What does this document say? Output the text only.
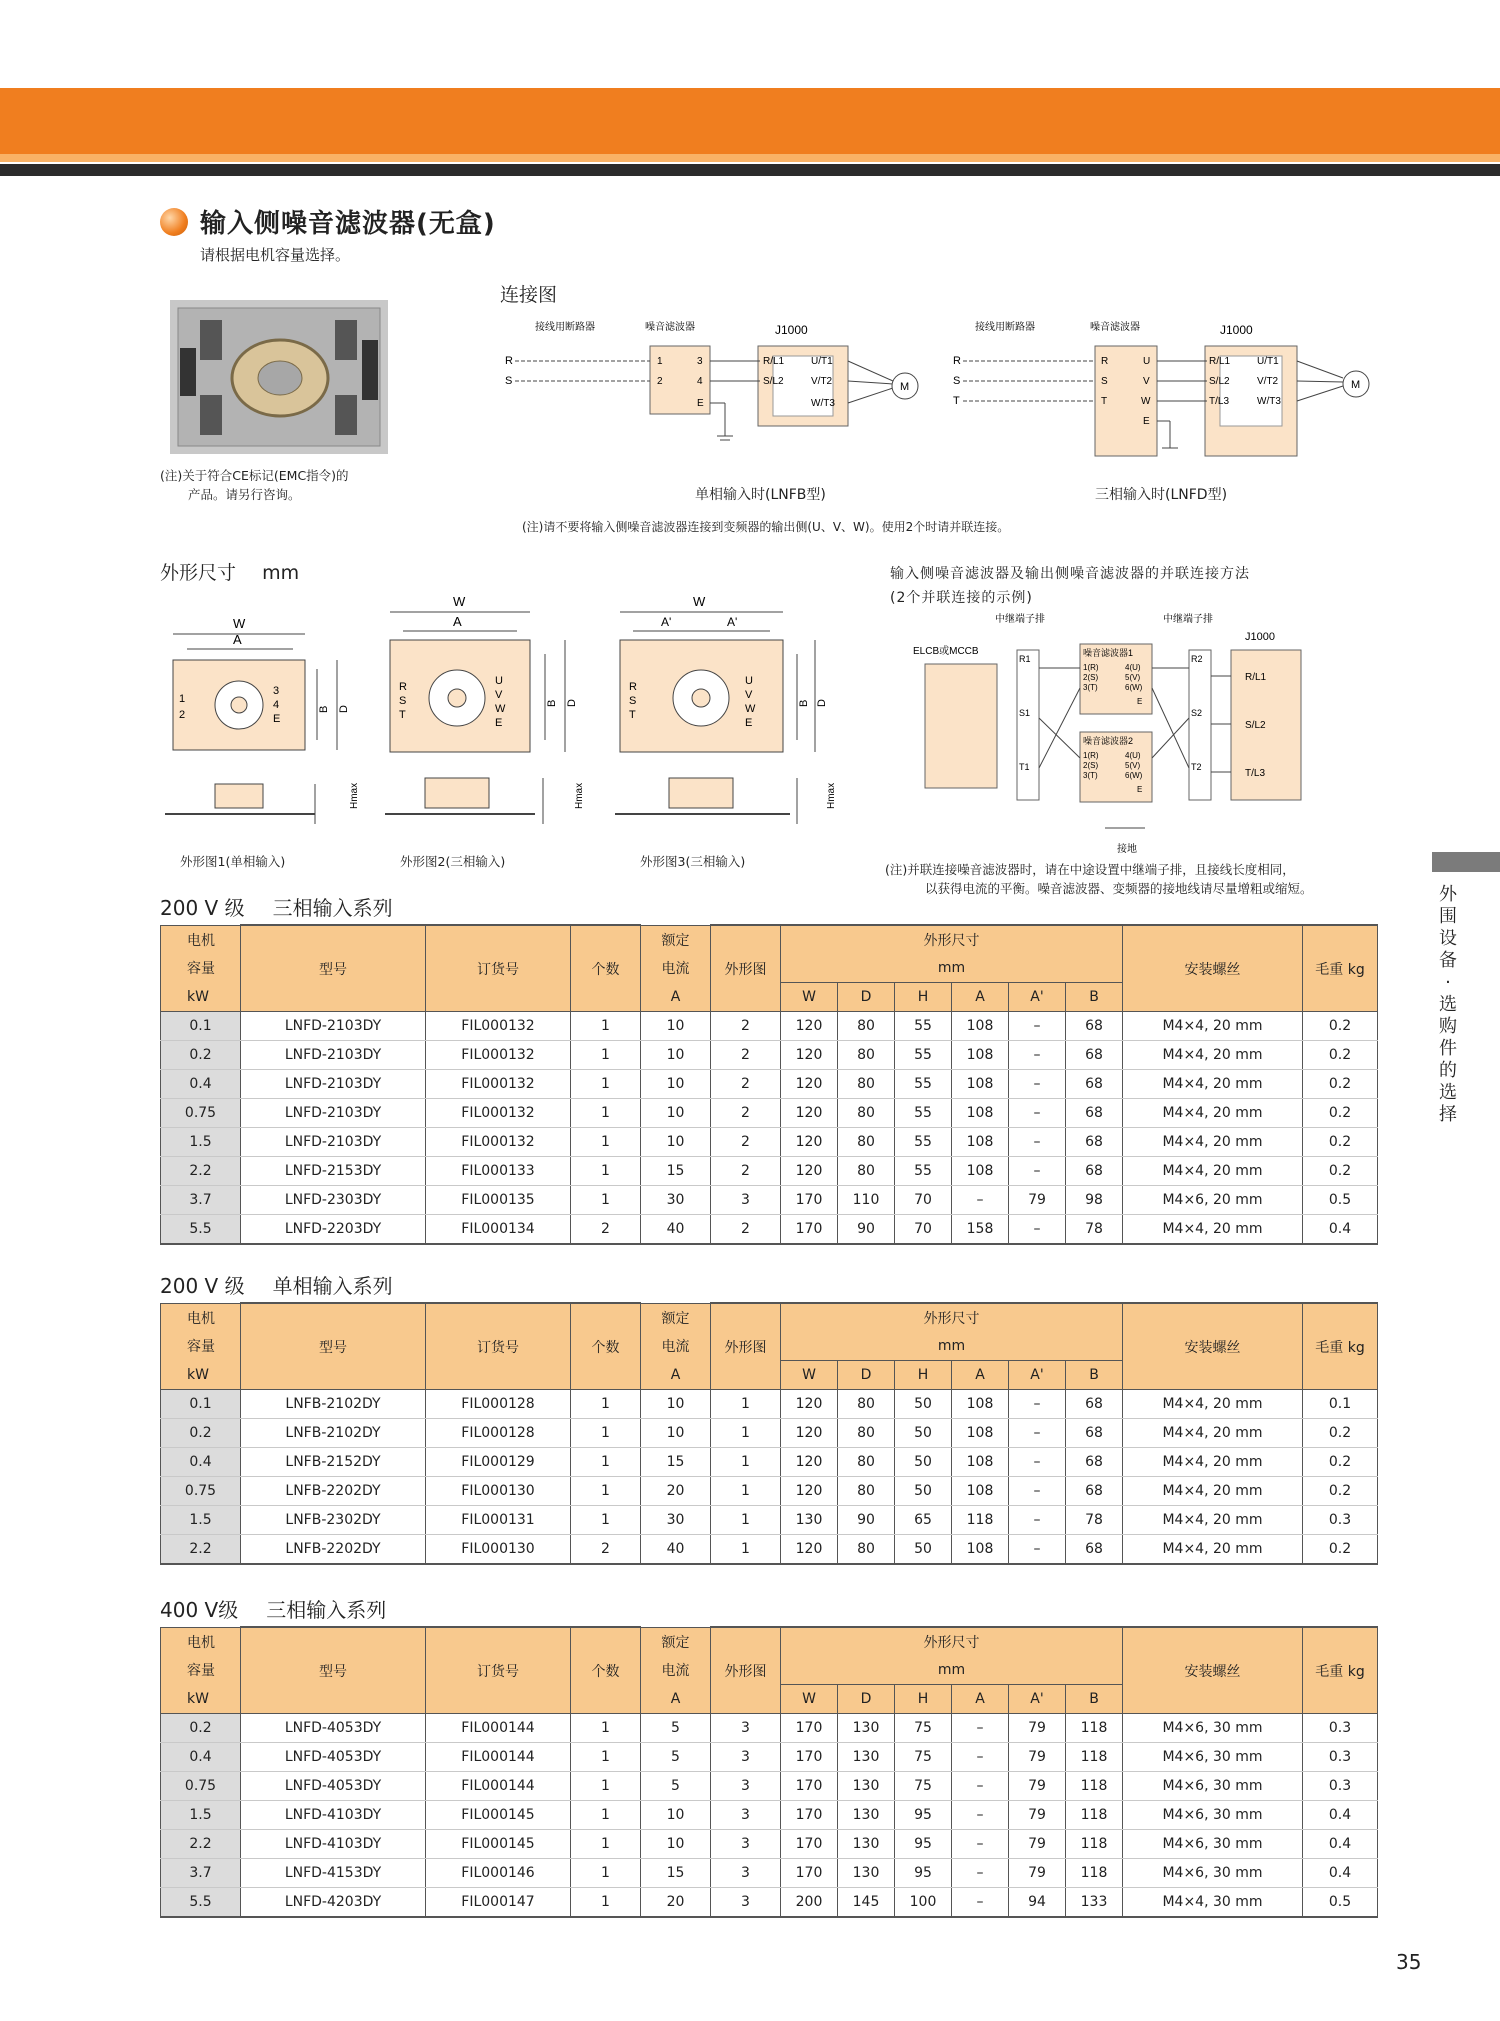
输入侧噪音滤波器(无盒)
请根据电机容量选择。
(注)关于符合CE标记(EMC指令)的
产品。请另行咨询。
连接图
接线用断路器	噪音滤波器	J1000
R
S
1
2
3
4
E
R/L1
S/L2
U/T1
V/T2
W/T3
M
接线用断路器	噪音滤波器	J1000
R
S
T
R
S
T
U
V
W
E
R/L1
S/L2
T/L3
U/T1
V/T2
W/T3
M
单相输入时(LNFB型)	三相输入时(LNFD型)
(注)请不要将输入侧噪音滤波器连接到变频器的输出侧(U、V、W)。使用2个时请并联连接。
外形尺寸 mm
W
A
1
2
3
4
E
B D
Hmax
W
A
R
S
T
U
V
W
E
B D
Hmax
W
A'	A'
R
S
T
U
V
W
E
B D
Hmax
外形图1(单相输入)	外形图2(三相输入)	外形图3(三相输入)
输入侧噪音滤波器及输出侧噪音滤波器的并联连接方法
(2个并联连接的示例)
中继端子排	中继端子排
J1000
ELCB或MCCB
R1
S1
T1
噪音滤波器1
1(R)
2(S)
3(T)
4(U)
5(V)
6(W)
E
噪音滤波器2
1(R)
2(S)
3(T)
4(U)
5(V)
6(W)
E
R2
S2
T2
R/L1
S/L2
T/L3
接地
(注)并联连接噪音滤波器时，请在中途设置中继端子排，且接线长度相同，
以获得电流的平衡。噪音滤波器、变频器的接地线请尽量增粗或缩短。	外围设备·选购件的选择
200 V 级 三相输入系列
200 V 级 单相输入系列
400 V级 三相输入系列
电机	型号	订货号	个数	额定	外形图	外形尺寸						安装螺丝	毛重 kg
容量				电流		mm							
kW				A		W	D	H	A	A'	B		
0.1	LNFD-2103DY	FIL000132	1	10	2	120	80	55	108	–	68	M4×4, 20 mm	0.2
0.2	LNFD-2103DY	FIL000132	1	10	2	120	80	55	108	–	68	M4×4, 20 mm	0.2
0.4	LNFD-2103DY	FIL000132	1	10	2	120	80	55	108	–	68	M4×4, 20 mm	0.2
0.75	LNFD-2103DY	FIL000132	1	10	2	120	80	55	108	–	68	M4×4, 20 mm	0.2
1.5	LNFD-2103DY	FIL000132	1	10	2	120	80	55	108	–	68	M4×4, 20 mm	0.2
2.2	LNFD-2153DY	FIL000133	1	15	2	120	80	55	108	–	68	M4×4, 20 mm	0.2
3.7	LNFD-2303DY	FIL000135	1	30	3	170	110	70	–	79	98	M4×6, 20 mm	0.5
5.5	LNFD-2203DY	FIL000134	2	40	2	170	90	70	158	–	78	M4×4, 20 mm	0.4
电机	型号	订货号	个数	额定	外形图	外形尺寸						安装螺丝	毛重 kg
容量				电流		mm							
kW				A		W	D	H	A	A'	B		
0.1	LNFB-2102DY	FIL000128	1	10	1	120	80	50	108	–	68	M4×4, 20 mm	0.1
0.2	LNFB-2102DY	FIL000128	1	10	1	120	80	50	108	–	68	M4×4, 20 mm	0.2
0.4	LNFB-2152DY	FIL000129	1	15	1	120	80	50	108	–	68	M4×4, 20 mm	0.2
0.75	LNFB-2202DY	FIL000130	1	20	1	120	80	50	108	–	68	M4×4, 20 mm	0.2
1.5	LNFB-2302DY	FIL000131	1	30	1	130	90	65	118	–	78	M4×4, 20 mm	0.3
2.2	LNFB-2202DY	FIL000130	2	40	1	120	80	50	108	–	68	M4×4, 20 mm	0.2
电机	型号	订货号	个数	额定	外形图	外形尺寸						安装螺丝	毛重 kg
容量				电流		mm							
kW				A		W	D	H	A	A'	B		
0.2	LNFD-4053DY	FIL000144	1	5	3	170	130	75	–	79	118	M4×6, 30 mm	0.3
0.4	LNFD-4053DY	FIL000144	1	5	3	170	130	75	–	79	118	M4×6, 30 mm	0.3
0.75	LNFD-4053DY	FIL000144	1	5	3	170	130	75	–	79	118	M4×6, 30 mm	0.3
1.5	LNFD-4103DY	FIL000145	1	10	3	170	130	95	–	79	118	M4×6, 30 mm	0.4
2.2	LNFD-4103DY	FIL000145	1	10	3	170	130	95	–	79	118	M4×6, 30 mm	0.4
3.7	LNFD-4153DY	FIL000146	1	15	3	170	130	95	–	79	118	M4×6, 30 mm	0.4
5.5	LNFD-4203DY	FIL000147	1	20	3	200	145	100	–	94	133	M4×4, 30 mm	0.5
35
